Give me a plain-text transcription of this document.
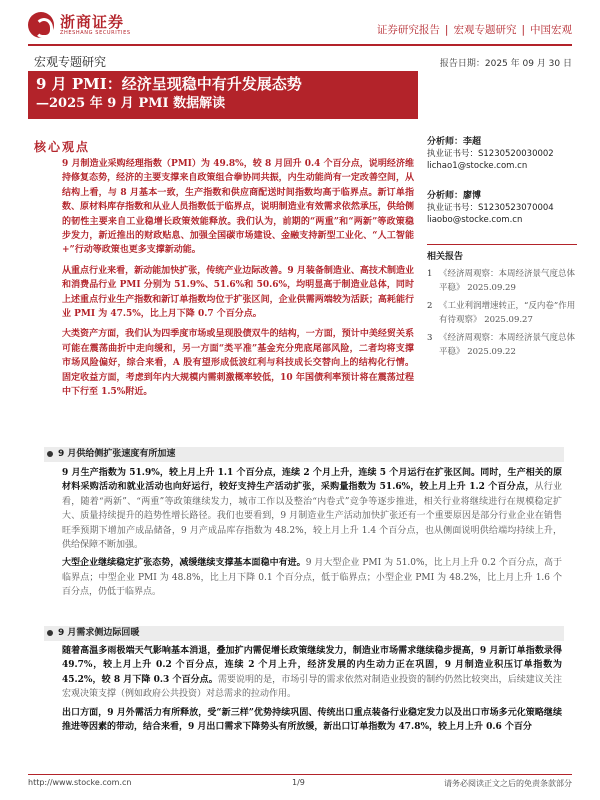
浙商证券
ZHESHANG SECURITIES	证券研究报告 | 宏观专题研究 | 中国宏观
宏观专题研究	报告日期：2025 年 09 月 30 日
9 月 PMI：经济呈现稳中有升发展态势
—2025 年 9 月 PMI 数据解读
核心观点

9 月制造业采购经理指数（PMI）为 49.8%，较 8 月回升 0.4 个百分点，说明经济维持修复态势，经济的主要支撑来自政策组合拳协同共振，内生动能尚有一定改善空间，从结构上看，与 8 月基本一致，生产指数和供应商配送时间指数均高于临界点。新订单指数、原材料库存指数和从业人员指数低于临界点，说明制造业有效需求依然承压，供给侧的韧性主要来自工业稳增长政策效能释放。我们认为，前期的“两重”和“两新”等政策稳步发力，新近推出的财政贴息、加强全国碳市场建设、金融支持新型工业化、“人工智能+”行动等政策也更多支撑新动能。

从重点行业来看，新动能加快扩张，传统产业边际改善。9 月装备制造业、高技术制造业和消费品行业 PMI 分别为 51.9%、51.6%和 50.6%，均明显高于制造业总体，同时上述重点行业生产指数和新订单指数均位于扩张区间，企业供需两端较为活跃；高耗能行业 PMI 为 47.5%，比上月下降 0.7 个百分点。

大类资产方面，我们认为四季度市场或呈现股债双牛的结构，一方面，预计中美经贸关系可能在震荡曲折中走向缓和，另一方面“类平准”基金充分兜底尾部风险，二者均将支撑市场风险偏好，综合来看，A 股有望形成低波红利与科技成长交替向上的结构化行情。固定收益方面，考虑到年内大规模内需刺激概率较低，10 年国债利率预计将在震荡过程中下行至 1.5%附近。

分析师：李超
执业证书号：S1230520030002
lichao1@stocke.com.cn
分析师：廖博
执业证书号：S1230523070004
liaobo@stocke.com.cn
相关报告
1 《经济周观察：本周经济景气度总体平稳》 2025.09.29
2 《工业利润增速转正，“反内卷”作用有待观察》 2025.09.27
3 《经济周观察：本周经济景气度总体平稳》 2025.09.22
9 月供给侧扩张速度有所加速

9 月生产指数为 51.9%，较上月上升 1.1 个百分点，连续 2 个月上升，连续 5 个月运行在扩张区间。同时，生产相关的原材料采购活动和就业活动也向好运行，较好支持生产活动扩张，采购量指数为 51.6%，较上月上升 1.2 个百分点，从行业看，随着“两新”、“两重”等政策继续发力，城市工作以及整治“内卷式”竞争等逐步推进，相关行业将继续进行在规模稳定扩大、质量持续提升的趋势性增长路径。我们也要看到，9 月制造业生产活动加快扩张还有一个重要原因是部分行业企业在销售旺季预期下增加产成品储备，9 月产成品库存指数为 48.2%，较上月上升 1.4 个百分点，也从侧面说明供给端均持续上升，供给保障不断加强。

大型企业继续稳定扩张态势，减缓继续支撑基本面稳中有进。9 月大型企业 PMI 为 51.0%，比上月上升 0.2 个百分点，高于临界点；中型企业 PMI 为 48.8%，比上月下降 0.1 个百分点，低于临界点；小型企业 PMI 为 48.2%，比上月上升 1.6 个百分点，仍低于临界点。

9 月需求侧边际回暖

随着高温多雨极端天气影响基本消退，叠加扩内需促增长政策继续发力，制造业市场需求继续稳步提高，9 月新订单指数录得 49.7%，较上月上升 0.2 个百分点，连续 2 个月上升，经济发展的内生动力正在巩固，9 月制造业积压订单指数为 45.2%，较 8 月下降 0.3 个百分点。需要说明的是，市场引导的需求依然对制造业投资的制约仍然比较突出，后续建议关注宏观决策支撑（例如政府公共投资）对总需求的拉动作用。

出口方面，9 月外需活力有所释放，受“新三样”优势持续巩固、传统出口重点装备行业稳定发力以及出口市场多元化策略继续推进等因素的带动，结合来看，9 月出口需求下降势头有所放缓，新出口订单指数为 47.8%，较上月上升 0.6 个百分

http://www.stocke.com.cn	1/9	请务必阅读正文之后的免责条款部分
